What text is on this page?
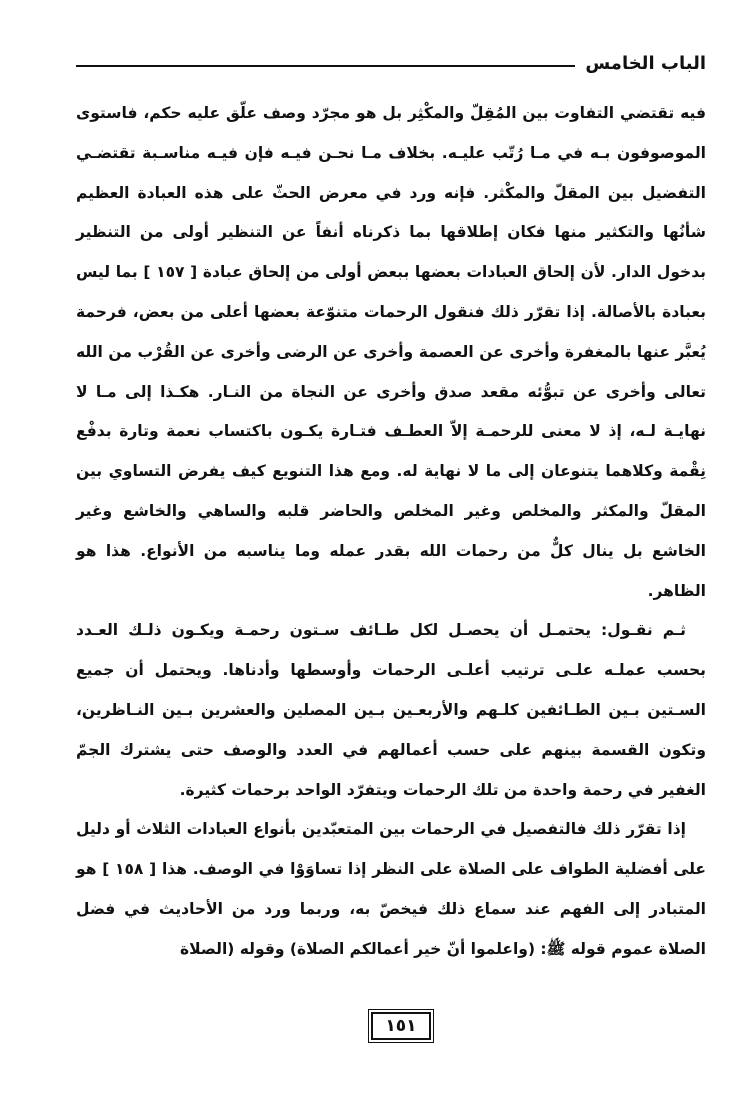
الباب الخامس

فيه تقتضي التفاوت بين المُقِلّ والمكْثِر بل هو مجرّد وصف علّق عليه حكم، فاستوى الموصوفون بـه في مـا رُتّب عليـه. بخلاف مـا نحـن فيـه فإن فيـه مناسـبة تقتضـي التفضيل بين المقلّ والمكْثر. فإنه ورد في معرض الحثّ على هذه العبادة العظيم شأنُها والتكثير منها فكان إطلاقها بما ذكرناه أنفاً عن التنظير أولى من التنظير بدخول الدار. لأن إلحاق العبادات بعضها ببعض أولى من إلحاق عبادة [ ١٥٧ ] بما ليس بعبادة بالأصالة. إذا تقرّر ذلك فنقول الرحمات متنوّعة بعضها أعلى من بعض، فرحمة يُعبَّر عنها بالمغفرة وأخرى عن العصمة وأخرى عن الرضى وأخرى عن القُرْب من الله تعالى وأخرى عن تبوُّئه مقعد صدق وأخرى عن النجاة من النـار. هكـذا إلى مـا لا نهايـة لـه، إذ لا معنى للرحمـة إلاّ العطـف فتـارة يكـون باكتساب نعمة وتارة بدفْع نِقْمة وكلاهما يتنوعان إلى ما لا نهاية له. ومع هذا التنويع كيف يفرض التساوي بين المقلّ والمكثر والمخلص وغير المخلص والحاضر قلبه والساهي والخاشع وغير الخاشع بل ينال كلٌّ من رحمات الله بقدر عمله وما يناسبه من الأنواع. هذا هو الظاهر.

ثـم نقـول: يحتمـل أن يحصـل لكل طـائف سـتون رحمـة ويكـون ذلـك العـدد بحسب عملـه علـى ترتيب أعلـى الرحمات وأوسطها وأدناها. ويحتمل أن جميع السـتين بـين الطـائفين كلـهم والأربعـين بـين المصلين والعشرين بـين النـاظرين، وتكون القسمة بينهم على حسب أعمالهم في العدد والوصف حتى يشترك الجمّ الغفير في رحمة واحدة من تلك الرحمات ويتفرّد الواحد برحمات كثيرة.

إذا تقرّر ذلك فالتفصيل في الرحمات بين المتعبّدين بأنواع العبادات الثلاث أو دليل على أفضلية الطواف على الصلاة على النظر إذا تساوَوْا في الوصف. هذا [ ١٥٨ ] هو المتبادر إلى الفهم عند سماع ذلك فيخصّ به، وربما ورد من الأحاديث في فضل الصلاة عموم قوله ﷺ: (واعلموا أنّ خير أعمالكم الصلاة) وقوله (الصلاة

١٥١
